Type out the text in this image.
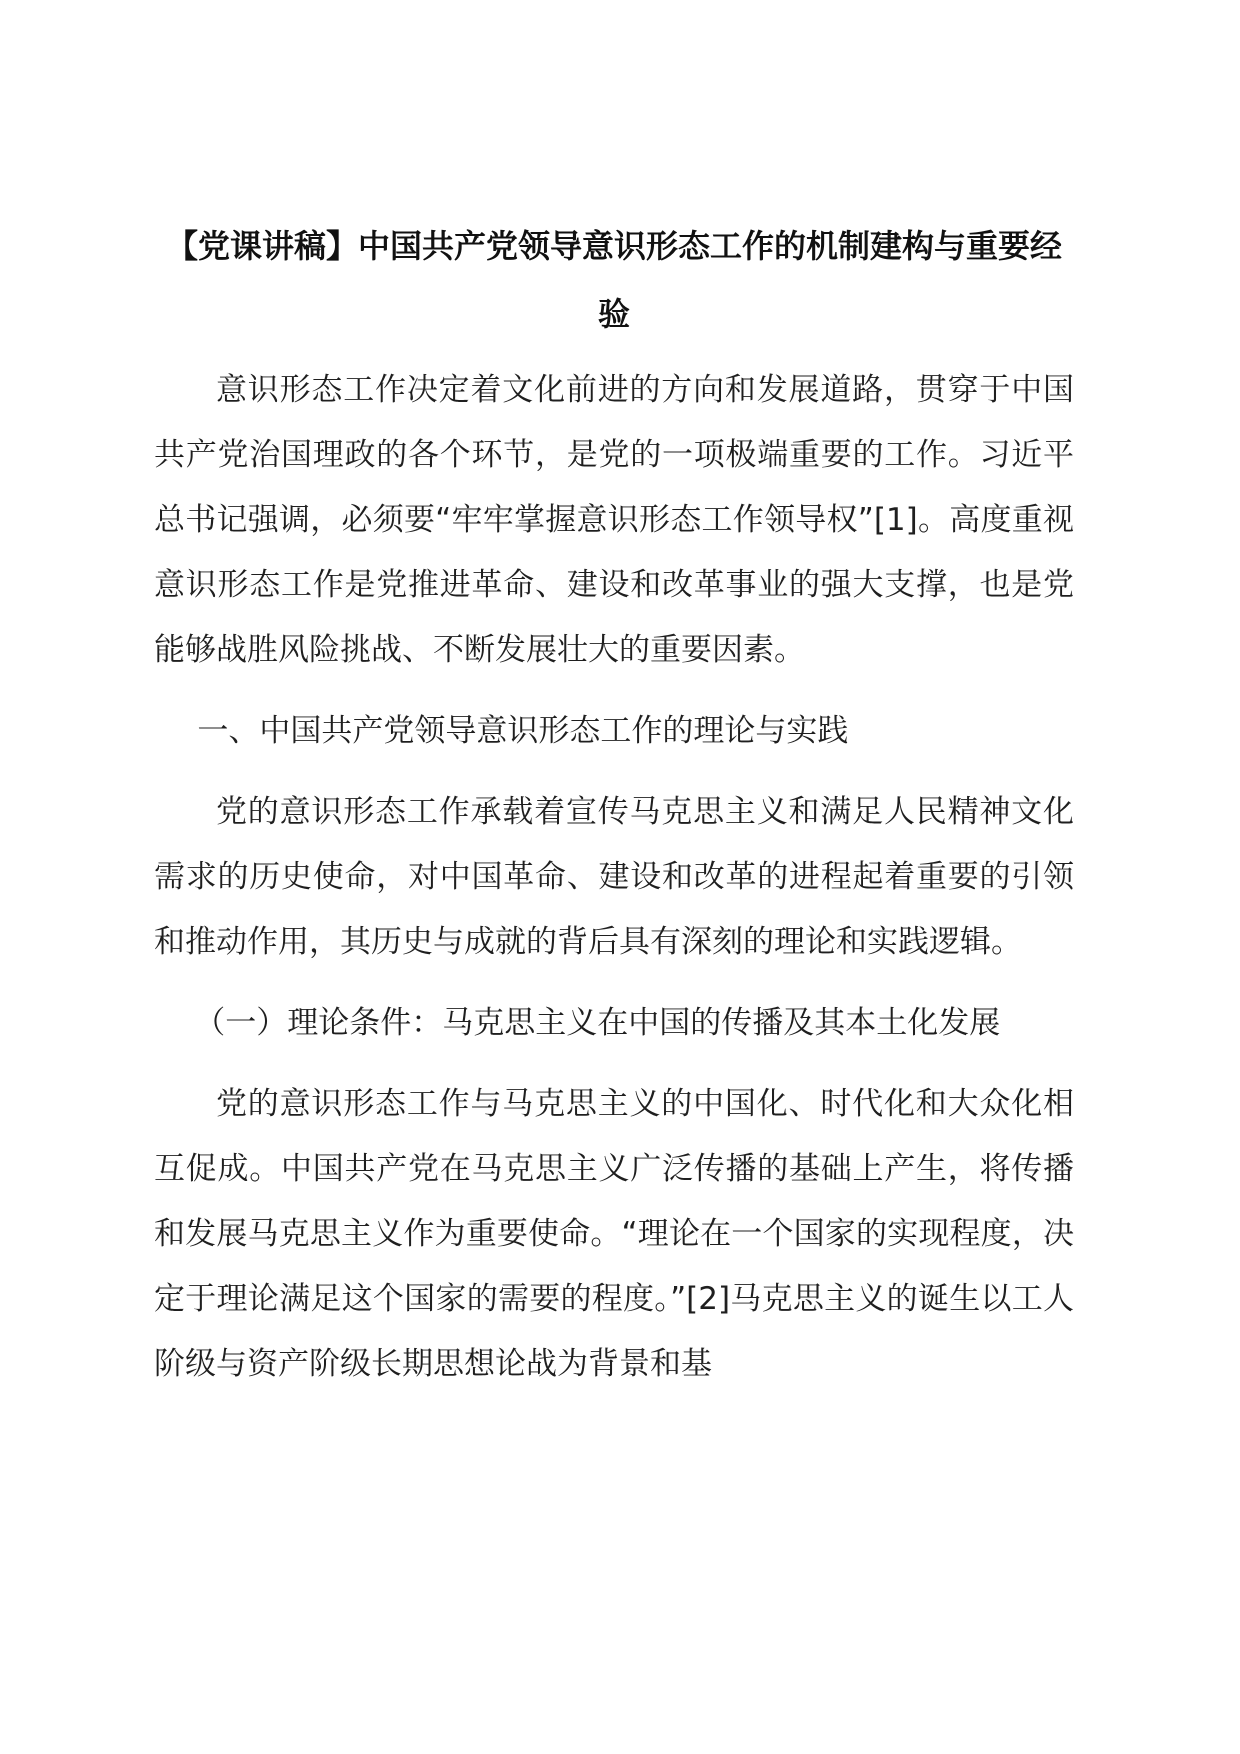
【党课讲稿】中国共产党领导意识形态工作的机制建构与重要经验

意识形态工作决定着文化前进的方向和发展道路，贯穿于中国共产党治国理政的各个环节，是党的一项极端重要的工作。习近平总书记强调，必须要“牢牢掌握意识形态工作领导权”[1]。高度重视意识形态工作是党推进革命、建设和改革事业的强大支撑，也是党能够战胜风险挑战、不断发展壮大的重要因素。

一、中国共产党领导意识形态工作的理论与实践

党的意识形态工作承载着宣传马克思主义和满足人民精神文化需求的历史使命，对中国革命、建设和改革的进程起着重要的引领和推动作用，其历史与成就的背后具有深刻的理论和实践逻辑。

（一）理论条件：马克思主义在中国的传播及其本土化发展

党的意识形态工作与马克思主义的中国化、时代化和大众化相互促成。中国共产党在马克思主义广泛传播的基础上产生，将传播和发展马克思主义作为重要使命。“理论在一个国家的实现程度，决定于理论满足这个国家的需要的程度。”[2]马克思主义的诞生以工人阶级与资产阶级长期思想论战为背景和基
